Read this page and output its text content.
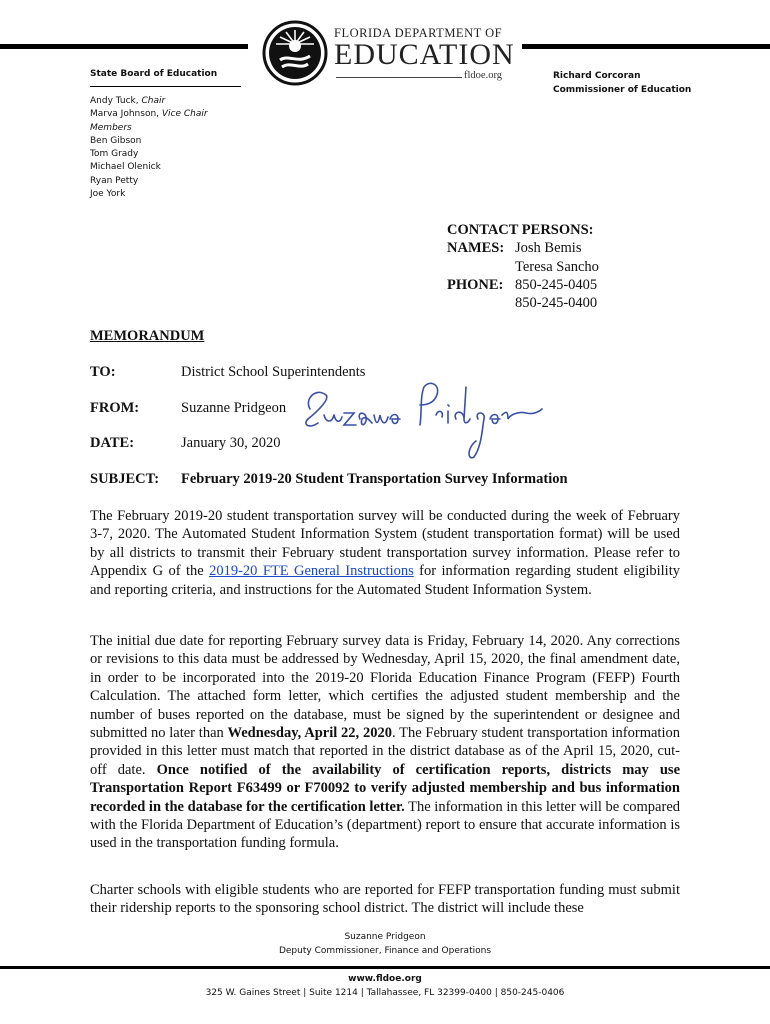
FLORIDA DEPARTMENT OF
EDUCATION
fldoe.org
State Board of Education
Andy Tuck, Chair
Marva Johnson, Vice Chair
Members
Ben Gibson
Tom Grady
Michael Olenick
Ryan Petty
Joe York
Richard Corcoran
Commissioner of Education
CONTACT PERSONS:
NAMES: Josh Bemis
Teresa Sancho
PHONE: 850-245-0405
850-245-0400
MEMORANDUM
TO:	District School Superintendents
FROM:	Suzanne Pridgeon
DATE:	January 30, 2020
SUBJECT:	February 2019-20 Student Transportation Survey Information
The February 2019-20 student transportation survey will be conducted during the week of February 3-7, 2020. The Automated Student Information System (student transportation format) will be used by all districts to transmit their February student transportation survey information. Please refer to Appendix G of the 2019-20 FTE General Instructions for information regarding student eligibility and reporting criteria, and instructions for the Automated Student Information System.
The initial due date for reporting February survey data is Friday, February 14, 2020. Any corrections or revisions to this data must be addressed by Wednesday, April 15, 2020, the final amendment date, in order to be incorporated into the 2019-20 Florida Education Finance Program (FEFP) Fourth Calculation. The attached form letter, which certifies the adjusted student membership and the number of buses reported on the database, must be signed by the superintendent or designee and submitted no later than Wednesday, April 22, 2020. The February student transportation information provided in this letter must match that reported in the district database as of the April 15, 2020, cut-off date. Once notified of the availability of certification reports, districts may use Transportation Report F63499 or F70092 to verify adjusted membership and bus information recorded in the database for the certification letter. The information in this letter will be compared with the Florida Department of Education’s (department) report to ensure that accurate information is used in the transportation funding formula.
Charter schools with eligible students who are reported for FEFP transportation funding must submit their ridership reports to the sponsoring school district. The district will include these
Suzanne Pridgeon
Deputy Commissioner, Finance and Operations
www.fldoe.org
325 W. Gaines Street | Suite 1214 | Tallahassee, FL 32399-0400 | 850-245-0406
